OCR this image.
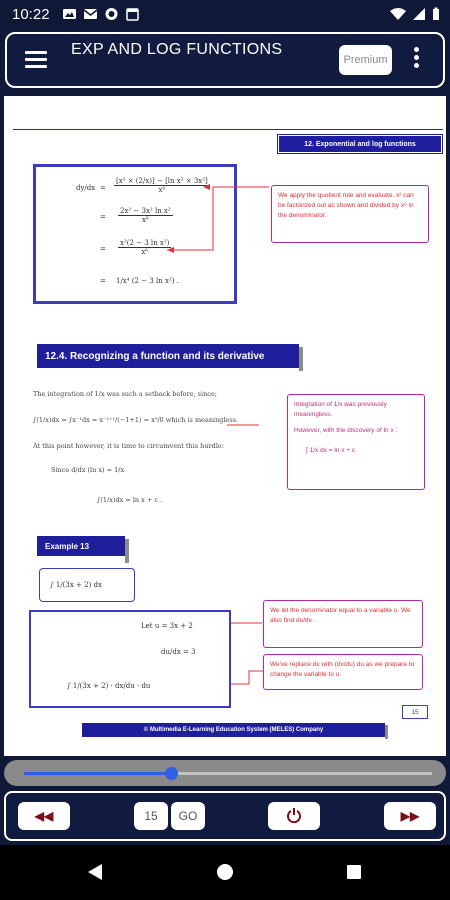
10:22
EXP AND LOG FUNCTIONS
Premium
12. Exponential and log functions
$dy/dx = \frac{\text{[x² × (2/x)] − [ln x² × 3x²]}}{\text{x⁶}}$
= $\frac{\text{2x² − 3x² ln x²}}{\text{x⁶}}$
= $\frac{\text{x²(2 − 3 ln x²)}}{\text{x⁶}}$
= 1/x⁴ (2 − 3 ln x²) .
We apply the quotient rule and evaluate. x² can be factorized out as shown and divided by x⁶ in the denominator.
12.4. Recognizing a function and its derivative
The integration of 1/x was such a setback before, since;
∫(1/x)dx = ∫x⁻¹dx = x⁻¹⁺¹/(−1+1) = x⁰/0 which is meaningless.
At this point however, it is time to circumvent this hurdle:
Since d/dx (ln x) = 1/x
∫(1/x)dx = ln x + c .
Integration of 1/x was previously meaningless.
However, with the discovery of ln x ;
∫ 1/x dx = ln x + c
Example 13
∫ 1/(3x + 2) dx
Let u = 3x + 2
du/dx = 3
∫ 1/(3x + 2) · dx/du · du
We let the denominator equal to a variable u. We also find du/dx .
We've replace dx with (dx/du) du as we prepare to change the variable to u.
15
© Multimedia E-Learning Education System (MELES) Company
◀◀	15	GO	▶▶
